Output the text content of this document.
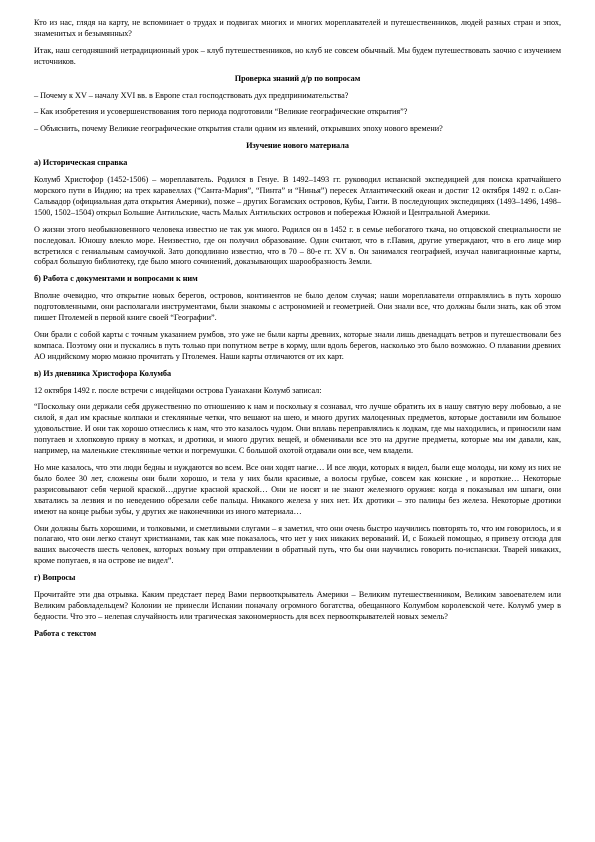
Кто из нас, глядя на карту, не вспоминает о трудах и подвигах многих и многих мореплавателей и путешественников, людей разных стран и эпох, знаменитых и безымянных?

Итак, наш сегодняшний нетрадиционный урок – клуб путешественников, но клуб не совсем обычный. Мы будем путешествовать заочно с изучением источников.

Проверка знаний д/р по вопросам

– Почему к XV – началу XVI вв. в Европе стал господствовать дух предпринимательства?

– Как изобретения и усовершенствования того периода подготовили “Великие географические открытия”?

– Объяснить, почему Великие географические открытия стали одним из явлений, открывших эпоху нового времени?

Изучение нового материала
а) Историческая справка

Колумб Христофор (1452-1506) – мореплаватель. Родился в Генуе. В 1492–1493 гг. руководил испанской экспедицией для поиска кратчайшего морского пути в Индию; на трех каравеллах (“Санта-Мария”, “Пинта” и “Нинья”) пересек Атлантический океан и достиг 12 октября 1492 г. о.Сан-Сальвадор (официальная дата открытия Америки), позже – других Богамских островов, Кубы, Гаити. В последующих экспедициях (1493–1496, 1498–1500, 1502–1504) открыл Большие Антильские, часть Малых Антильских островов и побережья Южной и Центральной Америки.

О жизни этого необыкновенного человека известно не так уж много. Родился он в 1452 г. в семье небогатого ткача, но отцовской специальности не последовал. Юношу влекло море. Неизвестно, где он получил образование. Одни считают, что в г.Павия, другие утверждают, что в его лице мир встретился с гениальным самоучкой. Зато доподлинно известно, что в 70 – 80-е гг. XV в. Он занимался географией, изучал навигационные карты, собрал большую библиотеку, где было много сочинений, доказывающих шарообразность Земли.

б) Работа с документами и вопросами к ним

Вполне очевидно, что открытие новых берегов, островов, континентов не было делом случая; наши мореплаватели отправлялись в путь хорошо подготовленными, они располагали инструментами, были знакомы с астрономией и геометрией. Они знали все, что должны были знать, как об этом пишет Птолемей в первой книге своей “Географии”.

Они брали с собой карты с точным указанием румбов, это уже не были карты древних, которые знали лишь двенадцать ветров и путешествовали без компаса. Поэтому они и пускались в путь только при попутном ветре в корму, шли вдоль берегов, насколько это было возможно. О плавании древних АО индийскому морю можно прочитать у Птолемея. Наши карты отличаются от их карт.

в) Из дневника Христофора Колумба

12 октября 1492 г. после встречи с индейцами острова Гуанахани Колумб записал:

“Поскольку они держали себя дружественно по отношению к нам и поскольку я сознавал, что лучше обратить их в нашу святую веру любовью, а не силой, я дал им красные колпаки и стеклянные четки, что вешают на шею, и много других малоценных предметов, которые доставили им большое удовольствие. И они так хорошо отнеслись к нам, что это казалось чудом. Они вплавь переправлялись к лодкам, где мы находились, и приносили нам попугаев и хлопковую пряжу в мотках, и дротики, и много других вещей, и обменивали все это на другие предметы, которые мы им давали, как, например, на маленькие стеклянные четки и погремушки. С большой охотой отдавали они все, чем владели.

Но мне казалось, что эти люди бедны и нуждаются во всем. Все они ходят нагие… И все люди, которых я видел, были еще молоды, ни кому из них не было более 30 лет, сложены они были хорошо, и тела у них были красивые, а волосы грубые, совсем как конские , и короткие… Некоторые разрисовывают себя черной краской…другие красной краской… Они не носят и не знают железного оружия: когда я показывал им шпаги, они хватались за лезвия и по неведению обрезали себе пальцы. Никакого железа у них нет. Их дротики – это палицы без железа. Некоторые дротики имеют на конце рыбьи зубы, у других же наконечники из иного материала…

Они должны быть хорошими, и толковыми, и сметливыми слугами – я заметил, что они очень быстро научились повторять то, что им говорилось, и я полагаю, что они легко станут христианами, так как мне показалось, что нет у них никаких верований. И, с Божьей помощью, я привезу отсюда для ваших высочеств шесть человек, которых возьму при отправлении в обратный путь, что бы они научились говорить по-испански. Тварей никаких, кроме попугаев, я на острове не видел”.

г) Вопросы

Прочитайте эти два отрывка. Каким предстает перед Вами первооткрыватель Америки – Великим путешественником, Великим завоевателем или Великим рабовладельцем? Колонии не принесли Испании поначалу огромного богатства, обещанного Колумбом королевской чете. Колумб умер в бедности. Что это – нелепая случайность или трагическая закономерность для всех первооткрывателей новых земель?

Работа с текстом
